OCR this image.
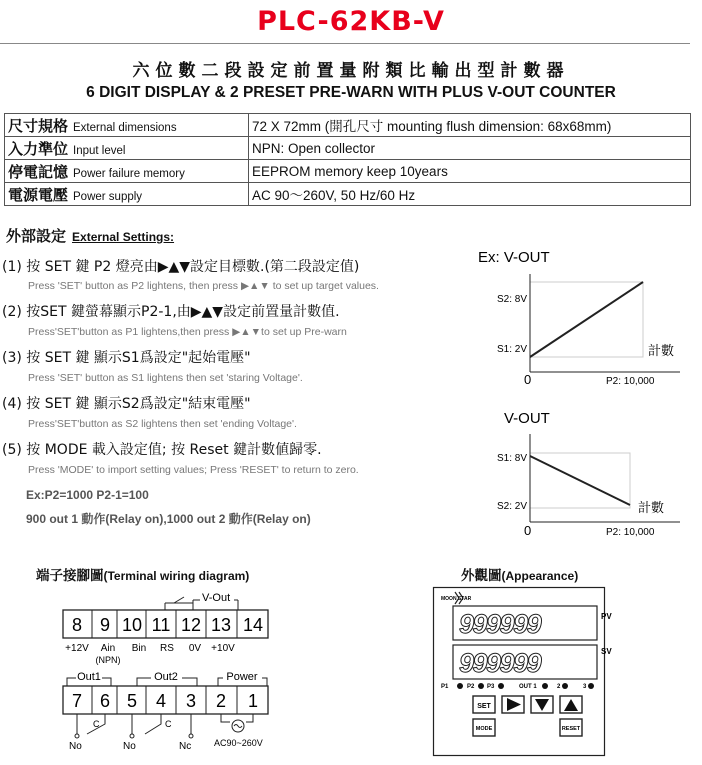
PLC-62KB-V
六位數二段設定前置量附類比輸出型計數器
6 DIGIT DISPLAY & 2 PRESET PRE-WARN WITH PLUS V-OUT COUNTER
尺寸規格 External dimensions	72 X 72mm (開孔尺寸 mounting flush dimension: 68x68mm)
入力準位 Input level	NPN: Open collector
停電記憶 Power failure memory	EEPROM memory keep 10years
電源電壓 Power supply	AC 90～260V, 50 Hz/60 Hz
外部設定 External Settings:
(1) 按 SET 鍵 P2 燈亮由▶▲▼設定目標數.(第二段設定值)
Press 'SET' button as P2 lightens, then press ▶▲▼ to set up target values.
(2) 按SET 鍵螢幕顯示P2-1,由▶▲▼設定前置量計數值.
Press'SET'button as P1 lightens,then press ▶▲▼to set up Pre-warn
(3) 按 SET 鍵 顯示S1爲設定"起始電壓"
Press 'SET' button as S1 lightens then set 'staring Voltage'.
(4) 按 SET 鍵 顯示S2爲設定"結束電壓"
Press'SET'button as S2 lightens then set 'ending Voltage'.
(5) 按 MODE 載入設定值; 按 Reset 鍵計數値歸零.
Press 'MODE' to import setting values; Press 'RESET' to return to zero.
Ex:P2=1000 P2-1=100
900 out 1 動作(Relay on),1000 out 2 動作(Relay on)
Ex: V-OUT
S2: 8V
S1: 2V
0	P2: 10,000
計數
V-OUT
S1: 8V
S2: 2V
0	P2: 10,000
計數
端子接腳圖(Terminal wiring diagram)
V-Out
8 9 10 11 12 13 14
+12V Ain
(NPN)
Bin RS 0V +10V
Out1	Out2	Power
7 6 5 4 3 2 1
C
No
C
No	Nc	AC90~260V
外觀圖(Appearance)
MOON STAR
999999	PV
999999	SV
P1	P2 P3	OUT 1	2	3
SET
MODE	RESET
